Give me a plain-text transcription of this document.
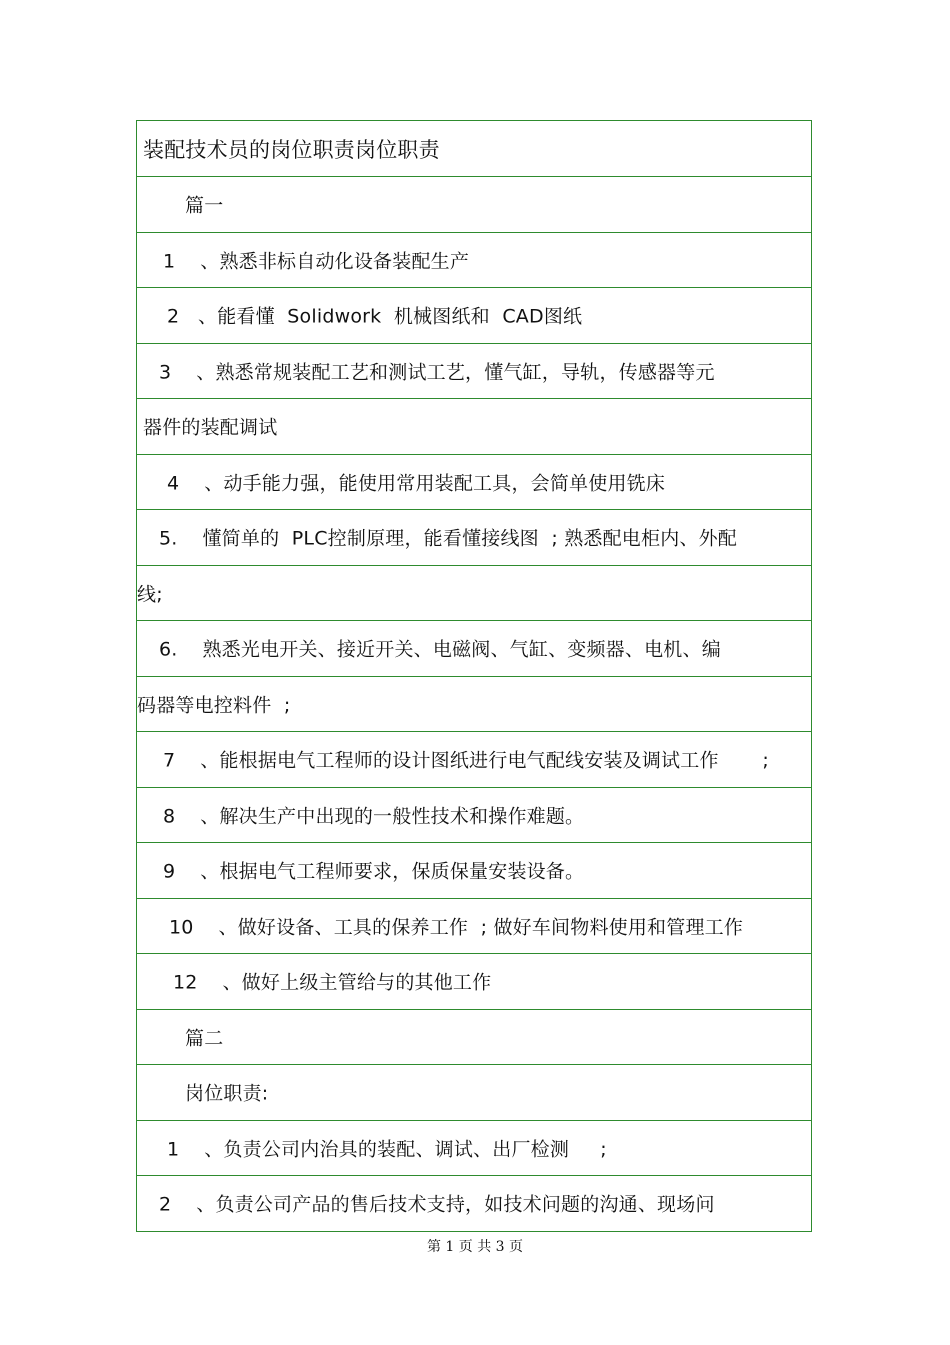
装配技术员的岗位职责岗位职责
篇一
1    、熟悉非标自动化设备装配生产
2   、能看懂  Solidwork  机械图纸和  CAD图纸
3    、熟悉常规装配工艺和测试工艺，懂气缸，导轨，传感器等元
器件的装配调试
4    、动手能力强，能使用常用装配工具，会简单使用铣床
5.    懂简单的  PLC控制原理，能看懂接线图  ; 熟悉配电柜内、外配
线;
6.    熟悉光电开关、接近开关、电磁阀、气缸、变频器、电机、编
码器等电控料件  ;
7    、能根据电气工程师的设计图纸进行电气配线安装及调试工作       ;
8    、解决生产中出现的一般性技术和操作难题。
9    、根据电气工程师要求，保质保量安装设备。
10    、做好设备、工具的保养工作  ; 做好车间物料使用和管理工作
12    、做好上级主管给与的其他工作
篇二
岗位职责:
1    、负责公司内治具的装配、调试、出厂检测     ;
2    、负责公司产品的售后技术支持，如技术问题的沟通、现场问
第 1 页 共 3 页
